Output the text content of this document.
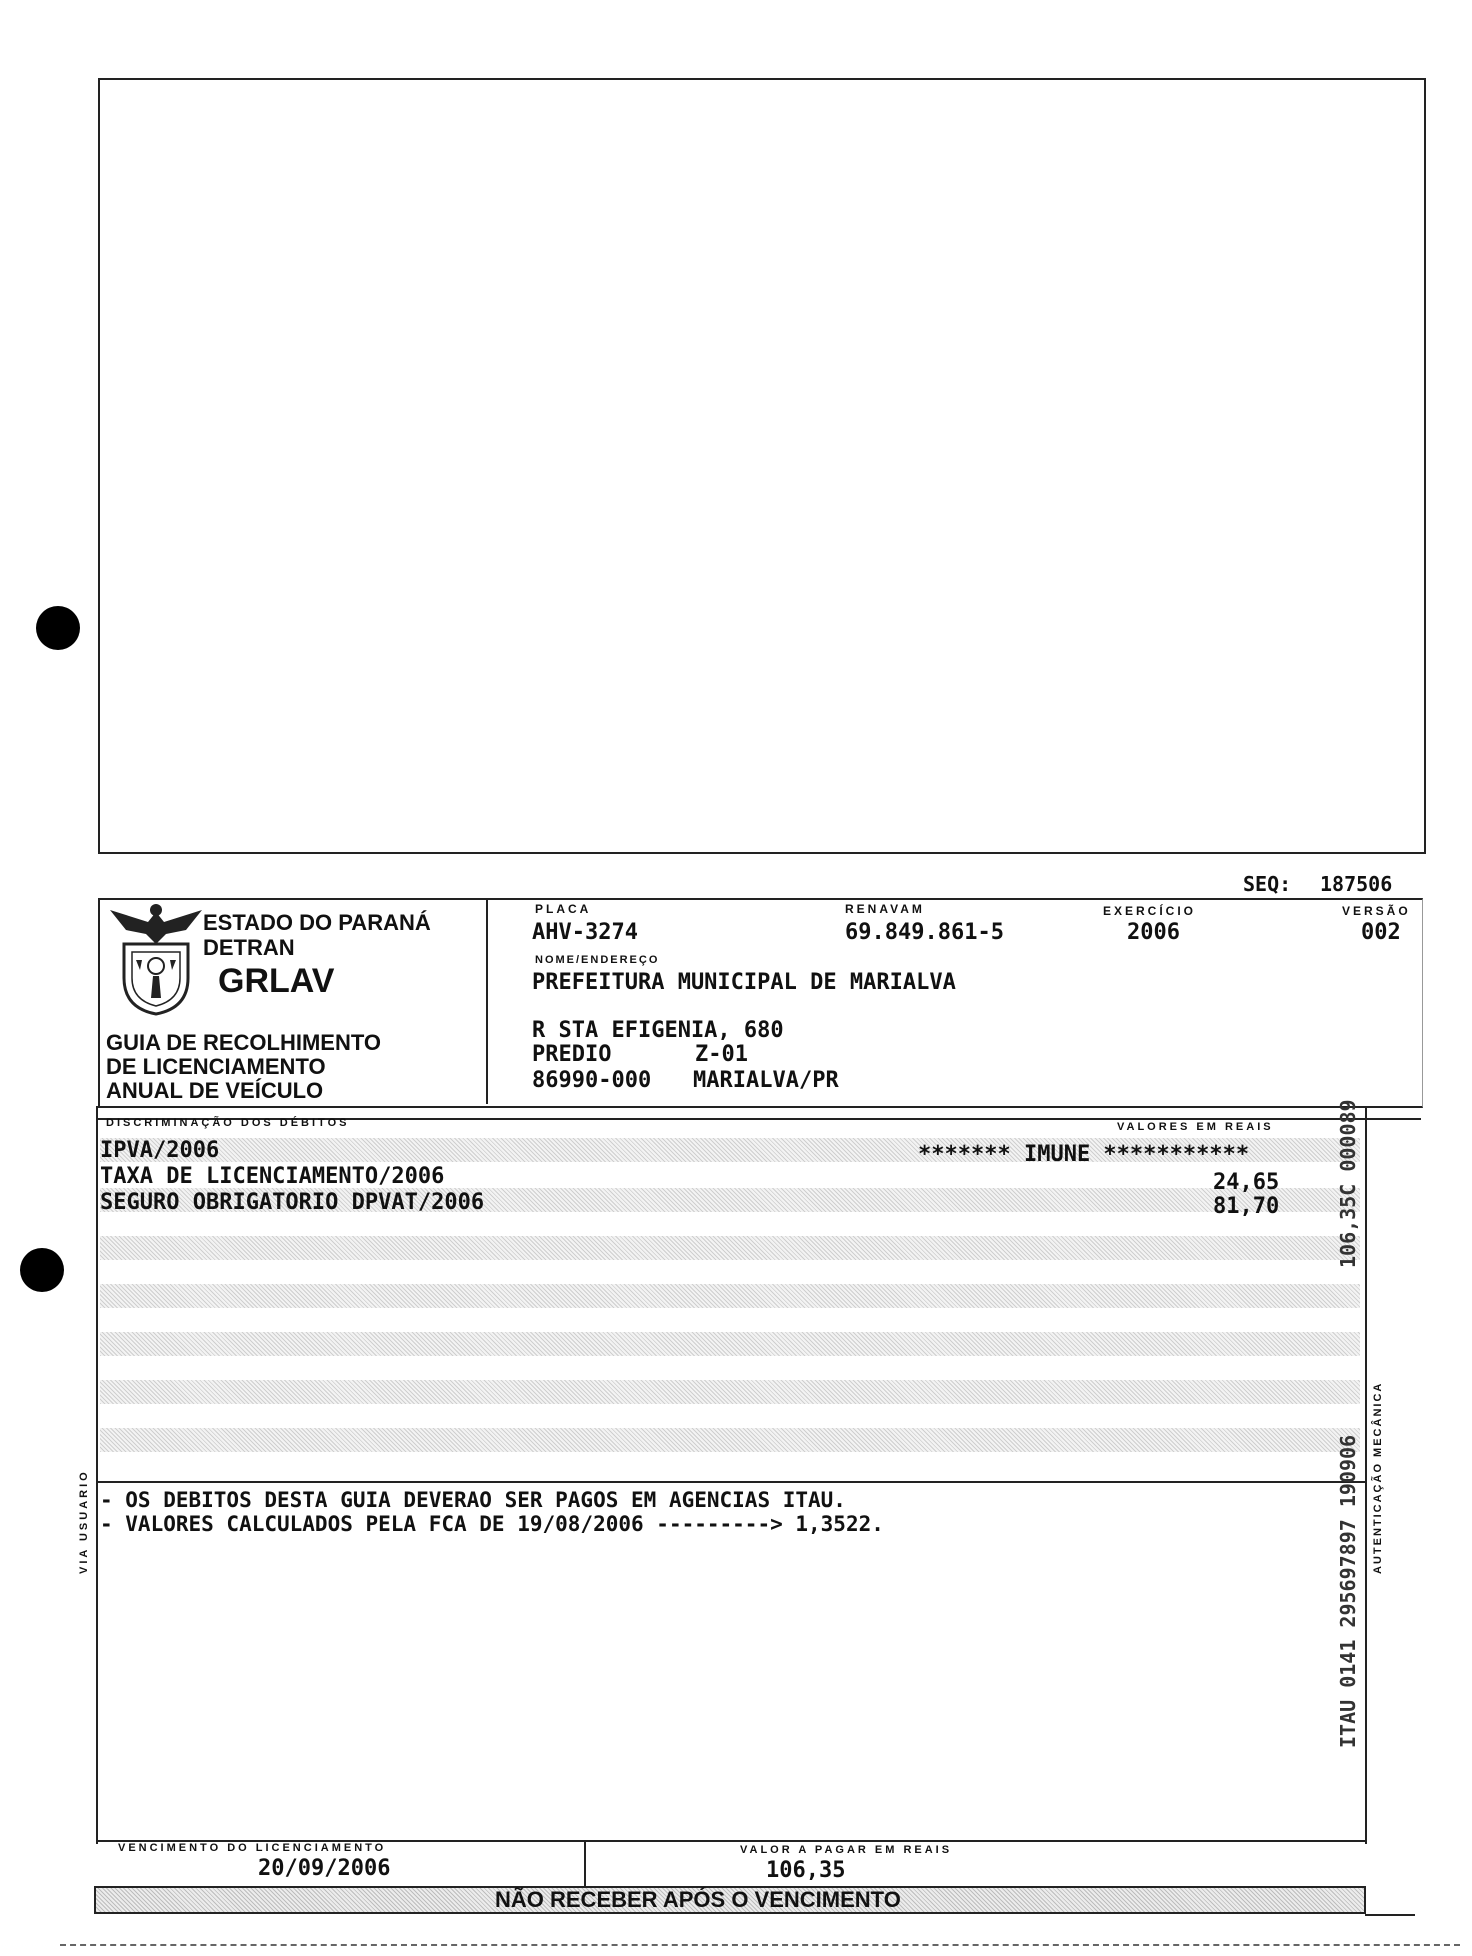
SEQ: 187506
ESTADO DO PARANÁ
DETRAN
GRLAV
GUIA DE RECOLHIMENTO
DE LICENCIAMENTO
ANUAL DE VEÍCULO
PLACA
AHV-3274
RENAVAM
69.849.861-5
EXERCÍCIO
2006
VERSÃO
002
NOME/ENDEREÇO
PREFEITURA MUNICIPAL DE MARIALVA
R STA EFIGENIA, 680
PREDIO	Z-01
86990-000 MARIALVA/PR
DISCRIMINAÇÃO DOS DÉBITOS	VALORES EM REAIS
IPVA/2006	******* IMUNE ***********
TAXA DE LICENCIAMENTO/2006	24,65
SEGURO OBRIGATORIO DPVAT/2006	81,70
- OS DEBITOS DESTA GUIA DEVERAO SER PAGOS EM AGENCIAS ITAU.
- VALORES CALCULADOS PELA FCA DE 19/08/2006 ---------> 1,3522.
VIA USUARIO	AUTENTICAÇÃO MECÂNICA
106,35C 000089
ITAU 0141 295697897 190906
VENCIMENTO DO LICENCIAMENTO
20/09/2006
VALOR A PAGAR EM REAIS
106,35
NÃO RECEBER APÓS O VENCIMENTO
